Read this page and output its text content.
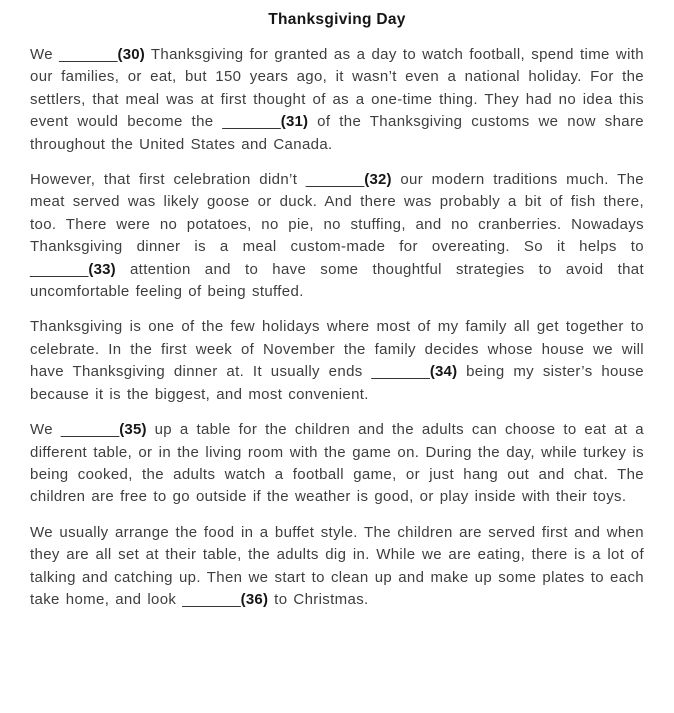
Thanksgiving Day

We _______(30) Thanksgiving for granted as a day to watch football, spend time with our families, or eat, but 150 years ago, it wasn’t even a national holiday. For the settlers, that meal was at first thought of as a one-time thing. They had no idea this event would become the _______(31) of the Thanksgiving customs we now share throughout the United States and Canada.

However, that first celebration didn’t _______(32) our modern traditions much. The meat served was likely goose or duck. And there was probably a bit of fish there, too. There were no potatoes, no pie, no stuffing, and no cranberries. Nowadays Thanksgiving dinner is a meal custom-made for overeating. So it helps to _______(33) attention and to have some thoughtful strategies to avoid that uncomfortable feeling of being stuffed.

Thanksgiving is one of the few holidays where most of my family all get together to celebrate. In the first week of November the family decides whose house we will have Thanksgiving dinner at. It usually ends _______(34) being my sister’s house because it is the biggest, and most convenient.

We _______(35) up a table for the children and the adults can choose to eat at a different table, or in the living room with the game on. During the day, while turkey is being cooked, the adults watch a football game, or just hang out and chat. The children are free to go outside if the weather is good, or play inside with their toys.

We usually arrange the food in a buffet style. The children are served first and when they are all set at their table, the adults dig in. While we are eating, there is a lot of talking and catching up. Then we start to clean up and make up some plates to each take home, and look _______(36) to Christmas.
